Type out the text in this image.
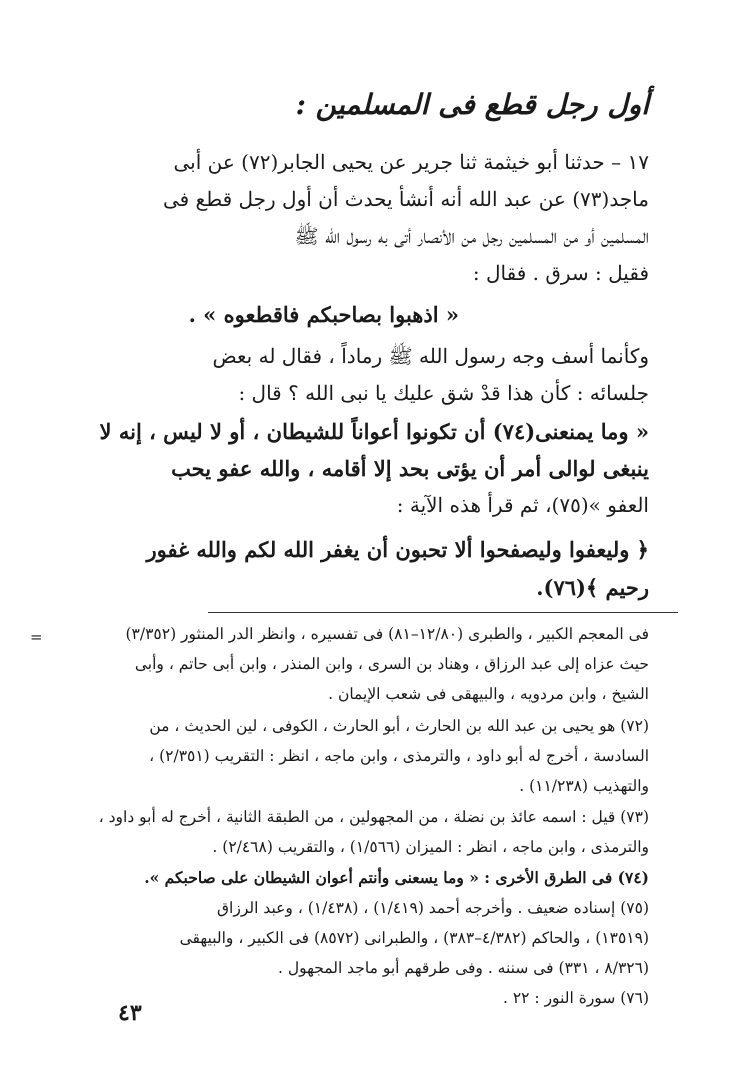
أول رجل قطع فى المسلمين :
١٧ – حدثنا أبو خيثمة ثنا جرير عن يحيى الجابر(٧٢) عن أبى
ماجد(٧٣) عن عبد الله أنه أنشأ يحدث أن أول رجل قطع فى
المسلمين أو من المسلمين رجل من الأنصار أتى به رسول الله ﷺ
فقيل : سرق . فقال :
« اذهبوا بصاحبكم فاقطعوه » .
وكأنما أسف وجه رسول الله ﷺ رماداً ، فقال له بعض
جلسائه : كأن هذا قدْ شق عليك يا نبى الله ؟ قال :
« وما يمنعنى(٧٤) أن تكونوا أعواناً للشيطان ، أو لا ليس ، إنه لا
ينبغى لوالى أمر أن يؤتى بحد إلا أقامه ، والله عفو يحب
العفو »(٧٥)، ثم قرأ هذه الآية :
﴿ وليعفوا وليصفحوا ألا تحبون أن يغفر الله لكم والله غفور
رحيم ﴾(٧٦).
=	فى المعجم الكبير ، والطبرى (١٢/٨٠–٨١) فى تفسيره ، وانظر الدر المنثور (٣/٣٥٢)
حيث عزاه إلى عبد الرزاق ، وهناد بن السرى ، وابن المنذر ، وابن أبى حاتم ، وأبى
الشيخ ، وابن مردويه ، والبيهقى فى شعب الإيمان .
(٧٢) هو يحيى بن عبد الله بن الحارث ، أبو الحارث ، الكوفى ، لين الحديث ، من
السادسة ، أخرج له أبو داود ، والترمذى ، وابن ماجه ، انظر : التقريب (٢/٣٥١) ،
والتهذيب (١١/٢٣٨) .
(٧٣) قيل : اسمه عائذ بن نضلة ، من المجهولين ، من الطبقة الثانية ، أخرج له أبو داود ،
والترمذى ، وابن ماجه ، انظر : الميزان (١/٥٦٦) ، والتقريب (٢/٤٦٨) .
(٧٤) فى الطرق الأخرى : « وما يسعنى وأنتم أعوان الشيطان على صاحبكم ».
(٧٥) إسناده ضعيف . وأخرجه أحمد (١/٤١٩) ، (١/٤٣٨) ، وعبد الرزاق
(١٣٥١٩) ، والحاكم (٤/٣٨٢–٣٨٣) ، والطبرانى (٨٥٧٢) فى الكبير ، والبيهقى
(٨/٣٢٦ ، ٣٣١) فى سننه . وفى طرقهم أبو ماجد المجهول .
(٧٦) سورة النور : ٢٢ .
٤٣
